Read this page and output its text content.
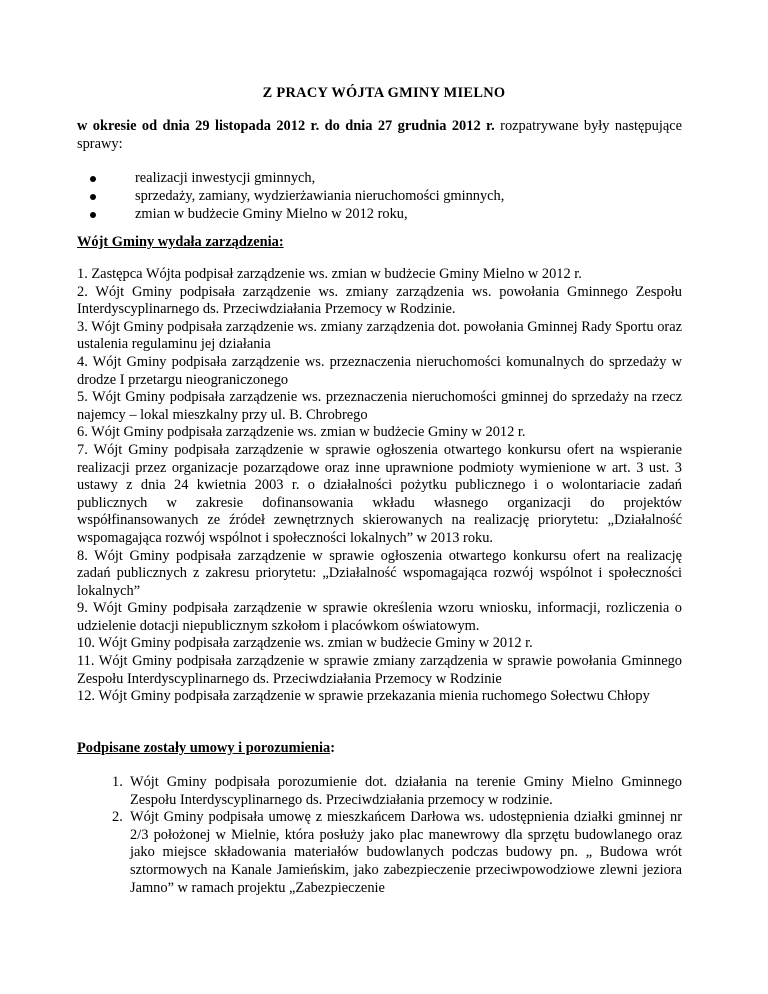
Z PRACY WÓJTA GMINY MIELNO
w okresie od dnia 29 listopada 2012 r. do dnia 27 grudnia 2012 r. rozpatrywane były następujące sprawy:
realizacji inwestycji gminnych,
sprzedaży, zamiany, wydzierżawiania nieruchomości gminnych,
zmian w budżecie Gminy Mielno w 2012 roku,
Wójt Gminy wydała zarządzenia:
1. Zastępca Wójta podpisał zarządzenie ws. zmian w budżecie Gminy Mielno w 2012 r.
2. Wójt Gminy podpisała zarządzenie ws. zmiany zarządzenia ws. powołania Gminnego Zespołu Interdyscyplinarnego ds. Przeciwdziałania Przemocy w Rodzinie.
3. Wójt Gminy podpisała zarządzenie ws. zmiany zarządzenia dot. powołania Gminnej Rady Sportu oraz ustalenia regulaminu jej działania
4. Wójt Gminy podpisała zarządzenie ws. przeznaczenia nieruchomości komunalnych do sprzedaży w drodze I przetargu nieograniczonego
5. Wójt Gminy podpisała zarządzenie ws. przeznaczenia nieruchomości gminnej do sprzedaży na rzecz najemcy – lokal mieszkalny przy ul. B. Chrobrego
6. Wójt Gminy podpisała zarządzenie ws. zmian w budżecie Gminy w 2012 r.
7. Wójt Gminy podpisała zarządzenie w sprawie ogłoszenia otwartego konkursu ofert na wspieranie realizacji przez organizacje pozarządowe oraz inne uprawnione podmioty wymienione w art. 3 ust. 3 ustawy z dnia 24 kwietnia 2003 r. o działalności pożytku publicznego i o wolontariacie zadań publicznych w zakresie dofinansowania wkładu własnego organizacji do projektów współfinansowanych ze źródeł zewnętrznych skierowanych na realizację priorytetu: „Działalność wspomagająca rozwój wspólnot i społeczności lokalnych” w 2013 roku.
8. Wójt Gminy podpisała zarządzenie w sprawie ogłoszenia otwartego konkursu ofert na realizację zadań publicznych z zakresu priorytetu: „Działalność wspomagająca rozwój wspólnot i społeczności lokalnych”
9. Wójt Gminy podpisała zarządzenie w sprawie określenia wzoru wniosku, informacji, rozliczenia o udzielenie dotacji niepublicznym szkołom i placówkom oświatowym.
10. Wójt Gminy podpisała zarządzenie ws. zmian w budżecie Gminy w 2012 r.
11. Wójt Gminy podpisała zarządzenie w sprawie zmiany zarządzenia w sprawie powołania Gminnego Zespołu Interdyscyplinarnego ds. Przeciwdziałania Przemocy w Rodzinie
12. Wójt Gminy podpisała zarządzenie w sprawie przekazania mienia ruchomego Sołectwu Chłopy
Podpisane zostały umowy i porozumienia:
1. Wójt Gminy podpisała porozumienie dot. działania na terenie Gminy Mielno Gminnego Zespołu Interdyscyplinarnego ds. Przeciwdziałania przemocy w rodzinie.
2. Wójt Gminy podpisała umowę z mieszkańcem Darłowa ws. udostępnienia działki gminnej nr 2/3 położonej w Mielnie, która posłuży jako plac manewrowy dla sprzętu budowlanego oraz jako miejsce składowania materiałów budowlanych podczas budowy pn. „ Budowa wrót sztormowych na Kanale Jamieńskim, jako zabezpieczenie przeciwpowodziowe zlewni jeziora Jamno” w ramach projektu „Zabezpieczenie
